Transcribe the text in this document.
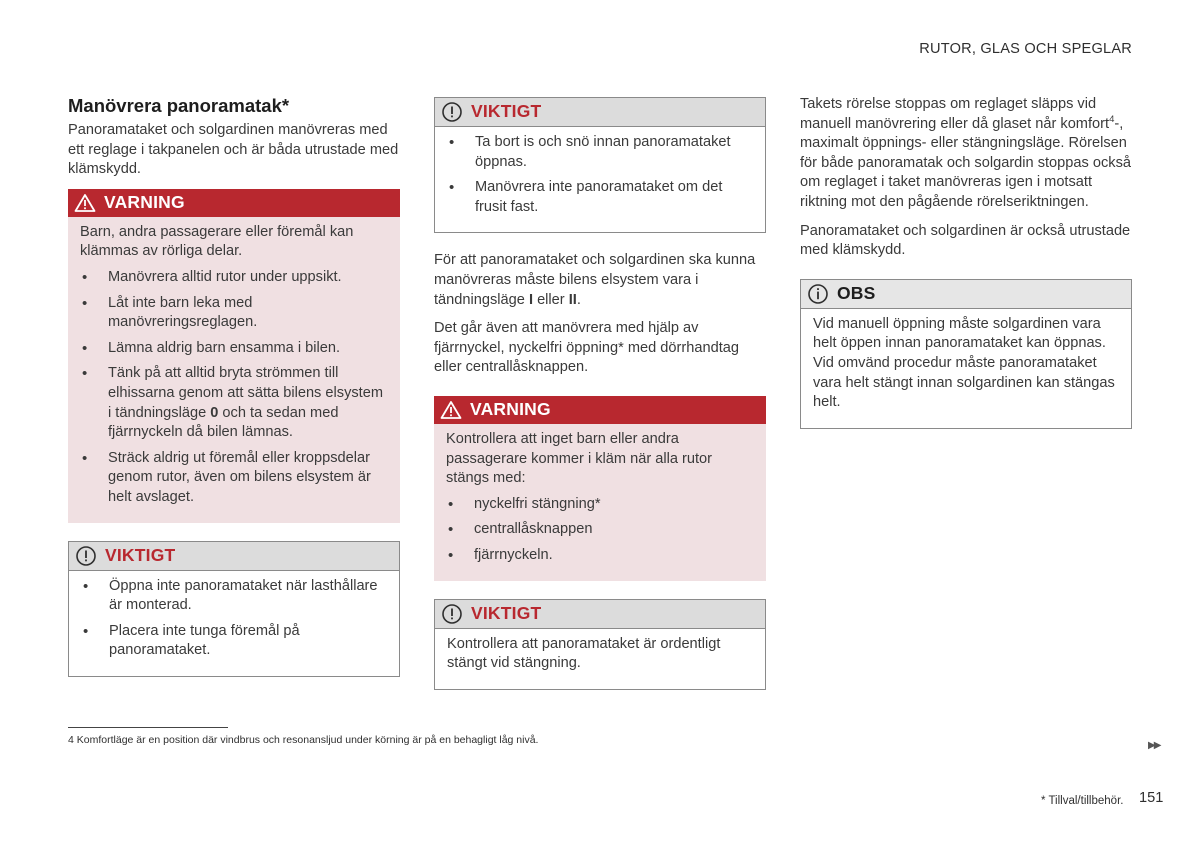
RUTOR, GLAS OCH SPEGLAR
Manövrera panoramatak*

Panoramataket och solgardinen manövreras med ett reglage i takpanelen och är båda utrustade med klämskydd.

VARNING

Barn, andra passagerare eller föremål kan klämmas av rörliga delar.

• Manövrera alltid rutor under uppsikt.
• Låt inte barn leka med manövreringsreglagen.
• Lämna aldrig barn ensamma i bilen.
• Tänk på att alltid bryta strömmen till elhissarna genom att sätta bilens elsystem i tändningsläge 0 och ta sedan med fjärrnyckeln då bilen lämnas.
• Sträck aldrig ut föremål eller kroppsdelar genom rutor, även om bilens elsystem är helt avslaget.
VIKTIGT
• Öppna inte panoramataket när lasthållare är monterad.
• Placera inte tunga föremål på panoramataket.
VIKTIGT
• Ta bort is och snö innan panoramataket öppnas.
• Manövrera inte panoramataket om det frusit fast.

För att panoramataket och solgardinen ska kunna manövreras måste bilens elsystem vara i tändningsläge I eller II.

Det går även att manövrera med hjälp av fjärrnyckel, nyckelfri öppning* med dörrhandtag eller centrallåsknappen.

VARNING

Kontrollera att inget barn eller andra passagerare kommer i kläm när alla rutor stängs med:

• nyckelfri stängning*
• centrallåsknappen
• fjärrnyckeln.
VIKTIGT

Kontrollera att panoramataket är ordentligt stängt vid stängning.

Takets rörelse stoppas om reglaget släpps vid manuell manövrering eller då glaset når komfort$^4$-, maximalt öppnings- eller stängningsläge. Rörelsen för både panoramatak och solgardin stoppas också om reglaget i taket manövreras igen i motsatt riktning mot den pågående rörelseriktningen.

Panoramataket och solgardinen är också utrustade med klämskydd.

OBS

Vid manuell öppning måste solgardinen vara helt öppen innan panoramataket kan öppnas. Vid omvänd procedur måste panoramataket vara helt stängt innan solgardinen kan stängas helt.

4 Komfortläge är en position där vindbrus och resonansljud under körning är på en behagligt låg nivå.	▶▶
* Tillval/tillbehör. 151
